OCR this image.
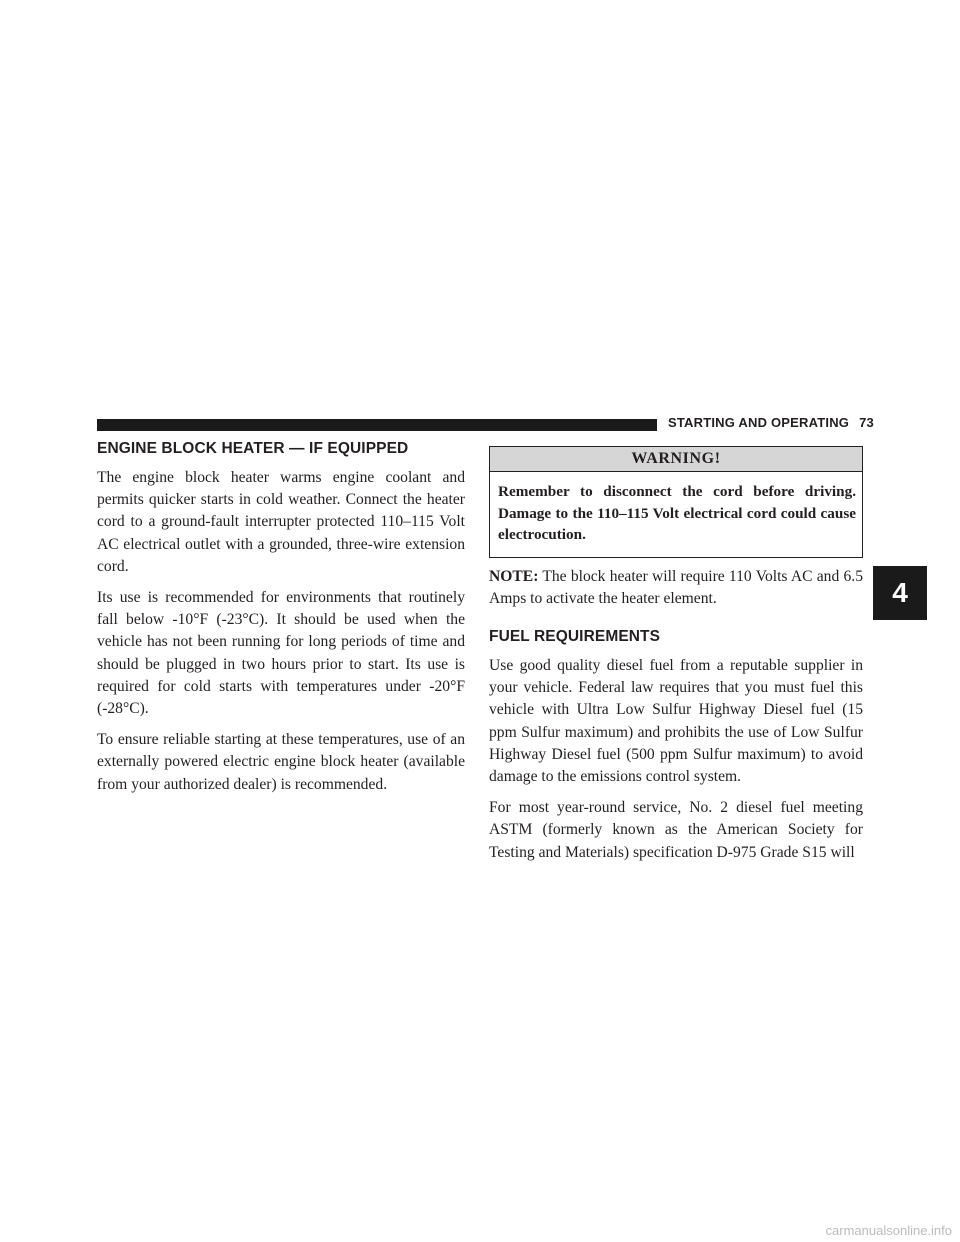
STARTING AND OPERATING 73
ENGINE BLOCK HEATER — IF EQUIPPED

The engine block heater warms engine coolant and permits quicker starts in cold weather. Connect the heater cord to a ground-fault interrupter protected 110–115 Volt AC electrical outlet with a grounded, three-wire extension cord.

Its use is recommended for environments that routinely fall below -10°F (-23°C). It should be used when the vehicle has not been running for long periods of time and should be plugged in two hours prior to start. Its use is required for cold starts with temperatures under -20°F (-28°C).

To ensure reliable starting at these temperatures, use of an externally powered electric engine block heater (available from your authorized dealer) is recommended.

WARNING!
Remember to disconnect the cord before driving. Damage to the 110–115 Volt electrical cord could cause electrocution.

NOTE: The block heater will require 110 Volts AC and 6.5 Amps to activate the heater element.

FUEL REQUIREMENTS

Use good quality diesel fuel from a reputable supplier in your vehicle. Federal law requires that you must fuel this vehicle with Ultra Low Sulfur Highway Diesel fuel (15 ppm Sulfur maximum) and prohibits the use of Low Sulfur Highway Diesel fuel (500 ppm Sulfur maximum) to avoid damage to the emissions control system.

For most year-round service, No. 2 diesel fuel meeting ASTM (formerly known as the American Society for Testing and Materials) specification D-975 Grade S15 will

4
carmanualsonline.info
